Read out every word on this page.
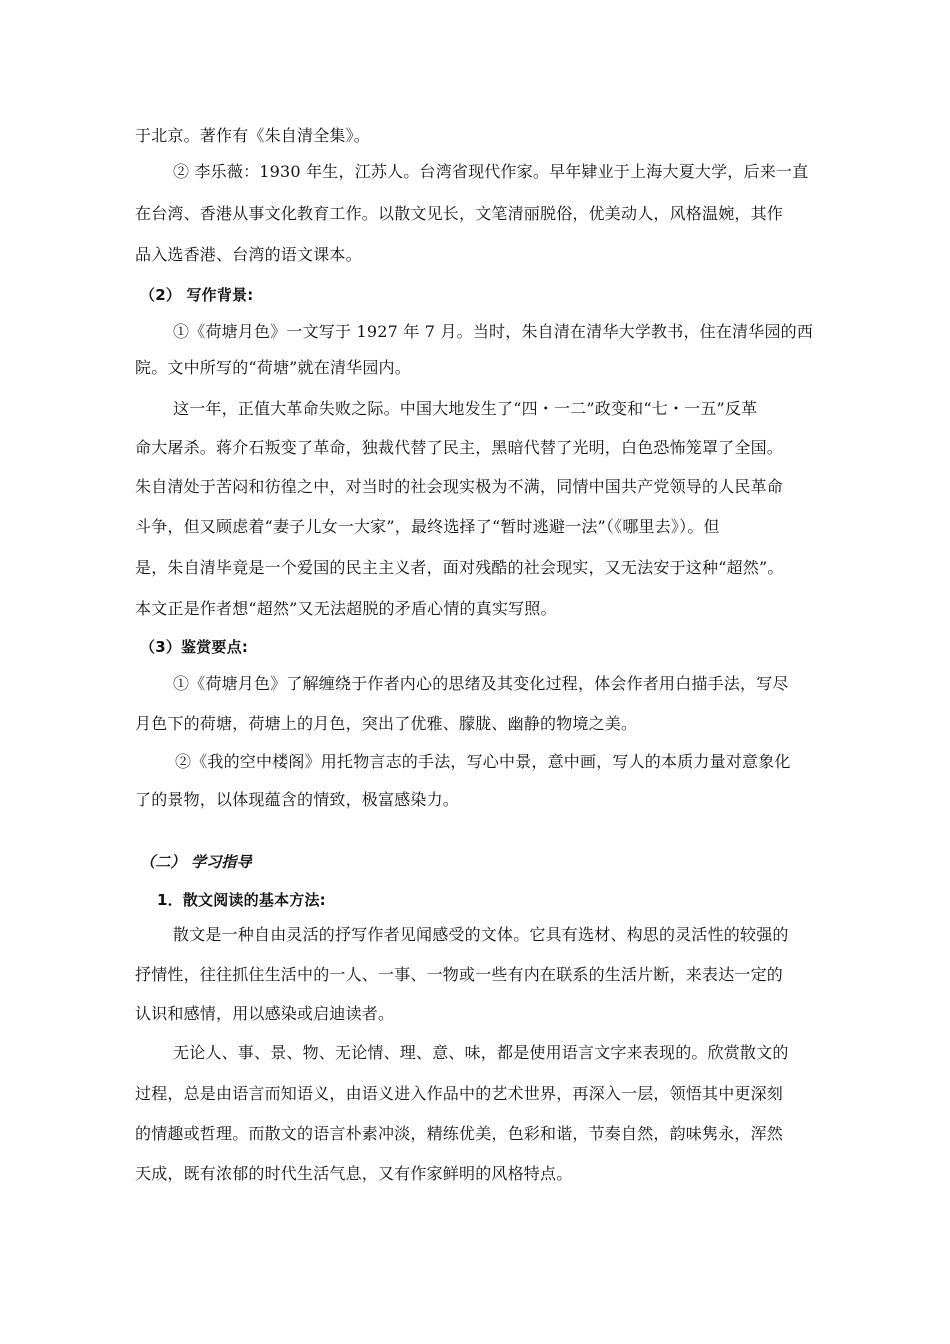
于北京。著作有《朱自清全集》。
② 李乐薇：1930 年生，江苏人。台湾省现代作家。早年肄业于上海大夏大学，后来一直
在台湾、香港从事文化教育工作。以散文见长，文笔清丽脱俗，优美动人，风格温婉，其作
品入选香港、台湾的语文课本。
（2） 写作背景:
①《荷塘月色》一文写于 1927 年 7 月。当时，朱自清在清华大学教书，住在清华园的西
院。文中所写的“荷塘”就在清华园内。
这一年，正值大革命失败之际。中国大地发生了“四・一二”政变和“七・一五”反革
命大屠杀。蒋介石叛变了革命，独裁代替了民主，黑暗代替了光明，白色恐怖笼罩了全国。
朱自清处于苦闷和彷徨之中，对当时的社会现实极为不满，同情中国共产党领导的人民革命
斗争，但又顾虑着“妻子儿女一大家”，最终选择了“暂时逃避一法”（《哪里去》）。但
是，朱自清毕竟是一个爱国的民主主义者，面对残酷的社会现实，又无法安于这种“超然”。
本文正是作者想“超然”又无法超脱的矛盾心情的真实写照。
（3）鉴赏要点:
①《荷塘月色》了解缠绕于作者内心的思绪及其变化过程，体会作者用白描手法，写尽
月色下的荷塘，荷塘上的月色，突出了优雅、朦胧、幽静的物境之美。
②《我的空中楼阁》用托物言志的手法，写心中景，意中画，写人的本质力量对意象化
了的景物，以体现蕴含的情致，极富感染力。
（二） 学习指导
1．散文阅读的基本方法:
散文是一种自由灵活的抒写作者见闻感受的文体。它具有选材、构思的灵活性的较强的
抒情性，往往抓住生活中的一人、一事、一物或一些有内在联系的生活片断，来表达一定的
认识和感情，用以感染或启迪读者。
无论人、事、景、物、无论情、理、意、味，都是使用语言文字来表现的。欣赏散文的
过程，总是由语言而知语义，由语义进入作品中的艺术世界，再深入一层，领悟其中更深刻
的情趣或哲理。而散文的语言朴素冲淡，精练优美，色彩和谐，节奏自然，韵味隽永，浑然
天成，既有浓郁的时代生活气息，又有作家鲜明的风格特点。
